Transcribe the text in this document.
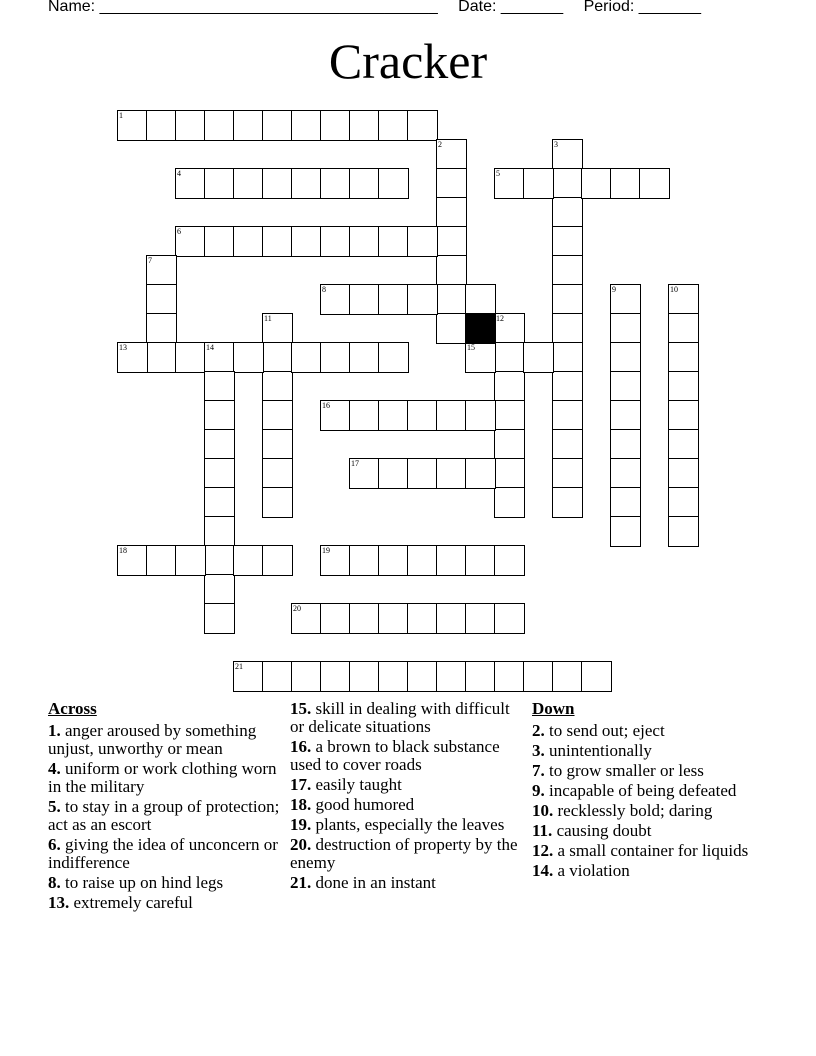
Name: ______________________________________ Date: _______ Period: _______
Cracker
1
2	3
4	5
6
7
8	9	10
11	12
13	14	15
16
17
18	19
20
21
Across
1. anger aroused by something unjust, unworthy or mean
4. uniform or work clothing worn in the military
5. to stay in a group of protection; act as an escort
6. giving the idea of unconcern or indifference
8. to raise up on hind legs
13. extremely careful
15. skill in dealing with difficult or delicate situations
16. a brown to black substance used to cover roads
17. easily taught
18. good humored
19. plants, especially the leaves
20. destruction of property by the enemy
21. done in an instant
Down
2. to send out; eject
3. unintentionally
7. to grow smaller or less
9. incapable of being defeated
10. recklessly bold; daring
11. causing doubt
12. a small container for liquids
14. a violation
